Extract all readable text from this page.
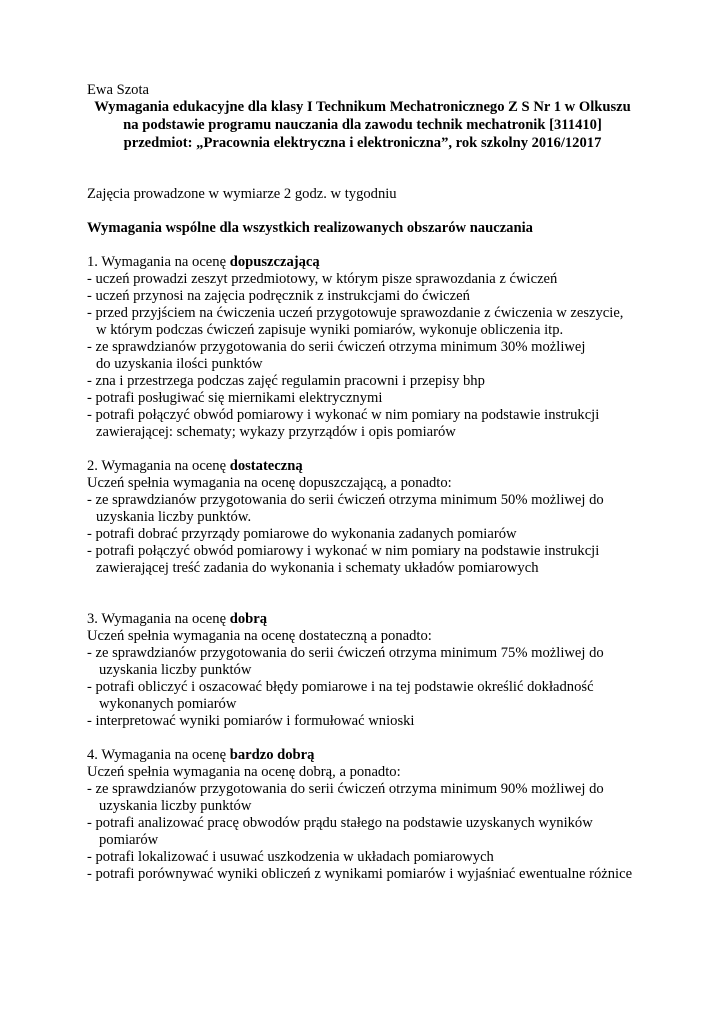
Ewa Szota

Wymagania edukacyjne dla klasy I Technikum Mechatronicznego Z S Nr 1 w Olkuszu

na podstawie programu nauczania dla zawodu technik mechatronik [311410]

przedmiot: „Pracownia elektryczna i elektroniczna”, rok szkolny 2016/12017

Zajęcia prowadzone w wymiarze 2 godz. w tygodniu

Wymagania wspólne dla wszystkich realizowanych obszarów nauczania

1. Wymagania na ocenę dopuszczającą

- uczeń prowadzi zeszyt przedmiotowy, w którym pisze sprawozdania z ćwiczeń

- uczeń przynosi na zajęcia podręcznik z instrukcjami do ćwiczeń

- przed przyjściem na ćwiczenia uczeń przygotowuje sprawozdanie z ćwiczenia w zeszycie,

w którym podczas ćwiczeń zapisuje wyniki pomiarów, wykonuje obliczenia itp.

- ze sprawdzianów przygotowania do serii ćwiczeń otrzyma minimum 30% możliwej

do uzyskania ilości punktów

- zna i przestrzega podczas zajęć regulamin pracowni i przepisy bhp

- potrafi posługiwać się miernikami elektrycznymi

- potrafi połączyć obwód pomiarowy i wykonać w nim pomiary na podstawie instrukcji

zawierającej: schematy; wykazy przyrządów i opis pomiarów

2. Wymagania na ocenę dostateczną

Uczeń spełnia wymagania na ocenę dopuszczającą, a ponadto:

- ze sprawdzianów przygotowania do serii ćwiczeń otrzyma minimum 50% możliwej do

uzyskania liczby punktów.

- potrafi dobrać przyrządy pomiarowe do wykonania zadanych pomiarów

- potrafi połączyć obwód pomiarowy i wykonać w nim pomiary na podstawie instrukcji

zawierającej treść zadania do wykonania i schematy układów pomiarowych

3. Wymagania na ocenę dobrą

Uczeń spełnia wymagania na ocenę dostateczną a ponadto:

- ze sprawdzianów przygotowania do serii ćwiczeń otrzyma minimum 75% możliwej do

uzyskania liczby punktów

- potrafi obliczyć i oszacować błędy pomiarowe i na tej podstawie określić dokładność

wykonanych pomiarów

- interpretować wyniki pomiarów i formułować wnioski

4. Wymagania na ocenę bardzo dobrą

Uczeń spełnia wymagania na ocenę dobrą, a ponadto:

- ze sprawdzianów przygotowania do serii ćwiczeń otrzyma minimum 90% możliwej do

uzyskania liczby punktów

- potrafi analizować pracę obwodów prądu stałego na podstawie uzyskanych wyników

pomiarów

- potrafi lokalizować i usuwać uszkodzenia w układach pomiarowych

- potrafi porównywać wyniki obliczeń z wynikami pomiarów i wyjaśniać ewentualne różnice
